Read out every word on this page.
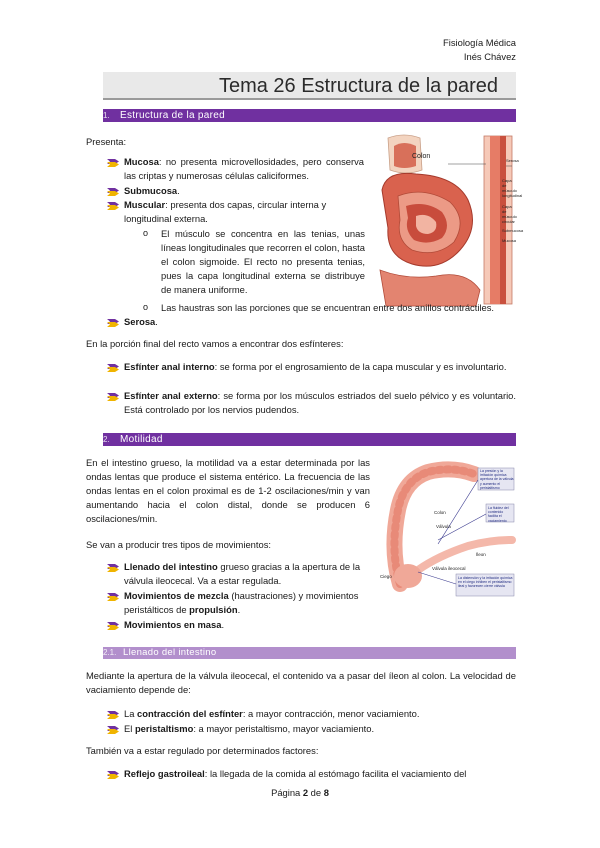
Fisiología Médica
Inés Chávez
Tema 26 Estructura de la pared
1. Estructura de la pared
Presenta:
Colon
Serosa
Capa de músculo longitudinal
Capa de músculo circular
Submucosa
Mucosa
Mucosa: no presenta microvellosidades, pero conserva las criptas y numerosas células caliciformes.
Submucosa.
Muscular: presenta dos capas, circular interna y longitudinal externa.
o El músculo se concentra en las tenias, unas líneas longitudinales que recorren el colon, hasta el colon sigmoide. El recto no presenta tenias, pues la capa longitudinal externa se distribuye de manera uniforme.
o Las haustras son las porciones que se encuentran entre dos anillos contráctiles.
Serosa.
En la porción final del recto vamos a encontrar dos esfínteres:
Esfínter anal interno: se forma por el engrosamiento de la capa muscular y es involuntario.
Esfínter anal externo: se forma por los músculos estriados del suelo pélvico y es voluntario. Está controlado por los nervios pudendos.
2. Motilidad
En el intestino grueso, la motilidad va a estar determinada por las ondas lentas que produce el sistema entérico. La frecuencia de las ondas lentas en el colon proximal es de 1-2 oscilaciones/min y van aumentando hacia el colon distal, donde se producen 6 oscilaciones/min.
La presión y la irritación química apertura de la válvula y aumento el peristaltismo
La fluidez del contenido facilita el vaciamiento
La distensión y la irritación química en el ciego inhiben el peristaltismo ileal y favorecen cierre válvula
Colon
Válvula
Íleon
Ciego
Válvula ileocecal
Se van a producir tres tipos de movimientos:
Llenado del intestino grueso gracias a la apertura de la válvula ileocecal. Va a estar regulada.
Movimientos de mezcla (haustraciones) y movimientos peristálticos de propulsión.
Movimientos en masa.
2.1. Llenado del intestino
Mediante la apertura de la válvula ileocecal, el contenido va a pasar del íleon al colon. La velocidad de vaciamiento depende de:
La contracción del esfínter: a mayor contracción, menor vaciamiento.
El peristaltismo: a mayor peristaltismo, mayor vaciamiento.
También va a estar regulado por determinados factores:
Reflejo gastroileal: la llegada de la comida al estómago facilita el vaciamiento del
Página 2 de 8
